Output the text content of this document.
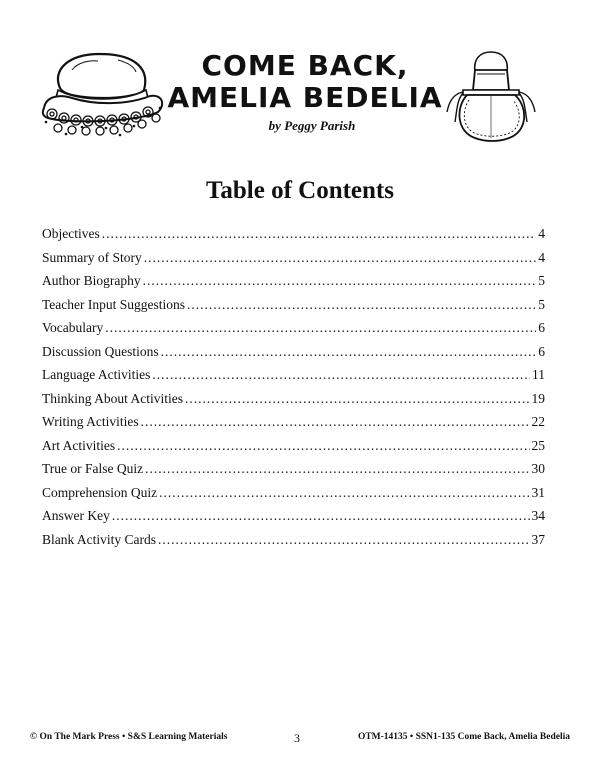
COME BACK,
AMELIA BEDELIA

by Peggy Parish

Table of Contents
Objectives .....	4
Summary of Story .....	4
Author Biography .....	5
Teacher Input Suggestions .....	5
Vocabulary .....	6
Discussion Questions .....	6
Language Activities .....	11
Thinking About Activities .....	19
Writing Activities .....	22
Art Activities .....	25
True or False Quiz .....	30
Comprehension Quiz .....	31
Answer Key .....	34
Blank Activity Cards .....	37
© On The Mark Press • S&S Learning Materials	3	OTM-14135 • SSN1-135 Come Back, Amelia Bedelia
